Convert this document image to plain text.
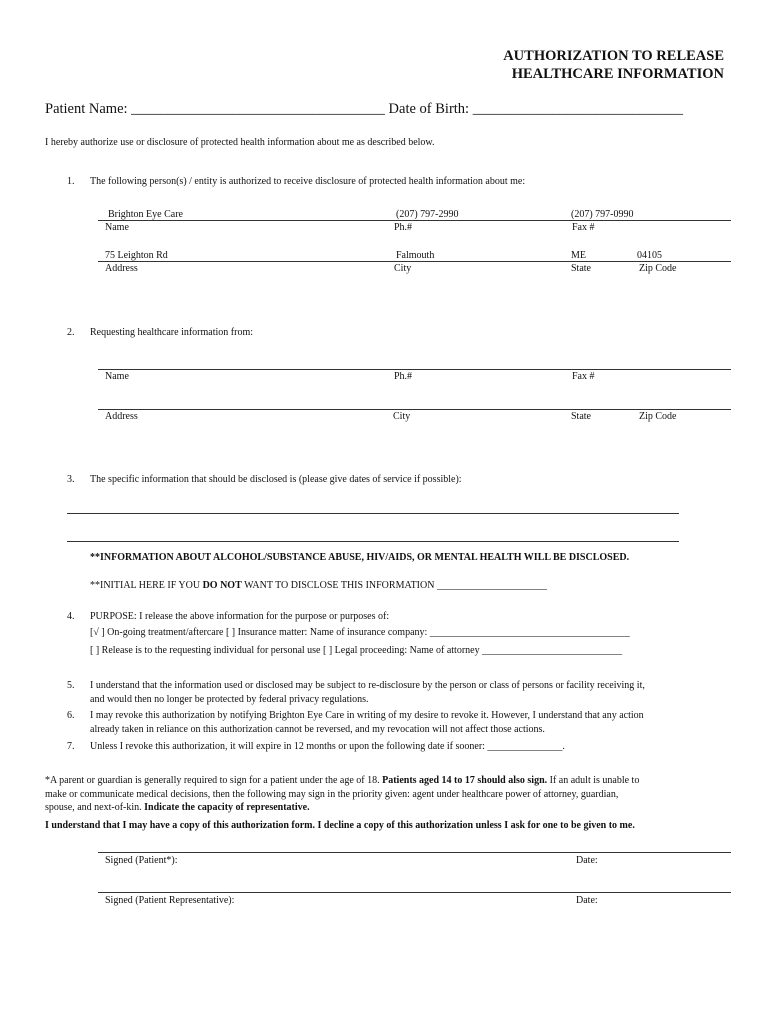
AUTHORIZATION TO RELEASE
HEALTHCARE INFORMATION
Patient Name: ___________________________________ Date of Birth: _____________________________
I hereby authorize use or disclosure of protected health information about me as described below.
1. The following person(s) / entity is authorized to receive disclosure of protected health information about me:
Brighton Eye Care	(207) 797-2990	(207) 797-0990
Name	Ph.#	Fax #
75 Leighton Rd	Falmouth	ME	04105
Address	City	State	Zip Code
2. Requesting healthcare information from:
Name	Ph.#	Fax #
Address	City	State	Zip Code
3. The specific information that should be disclosed is (please give dates of service if possible):
**INFORMATION ABOUT ALCOHOL/SUBSTANCE ABUSE, HIV/AIDS, OR MENTAL HEALTH WILL BE DISCLOSED.
**INITIAL HERE IF YOU DO NOT WANT TO DISCLOSE THIS INFORMATION ______________________
4. PURPOSE: I release the above information for the purpose or purposes of:
[√ ] On-going treatment/aftercare [ ] Insurance matter: Name of insurance company: ________________________________________
[ ] Release is to the requesting individual for personal use [ ] Legal proceeding: Name of attorney ____________________________
5. I understand that the information used or disclosed may be subject to re-disclosure by the person or class of persons or facility receiving it,
and would then no longer be protected by federal privacy regulations.
6. I may revoke this authorization by notifying Brighton Eye Care in writing of my desire to revoke it. However, I understand that any action
already taken in reliance on this authorization cannot be reversed, and my revocation will not affect those actions.
7. Unless I revoke this authorization, it will expire in 12 months or upon the following date if sooner: _______________.
*A parent or guardian is generally required to sign for a patient under the age of 18. Patients aged 14 to 17 should also sign. If an adult is unable to
make or communicate medical decisions, then the following may sign in the priority given: agent under healthcare power of attorney, guardian,
spouse, and next-of-kin. Indicate the capacity of representative.
I understand that I may have a copy of this authorization form. I decline a copy of this authorization unless I ask for one to be given to me.
Signed (Patient*):	Date:
Signed (Patient Representative):	Date:
